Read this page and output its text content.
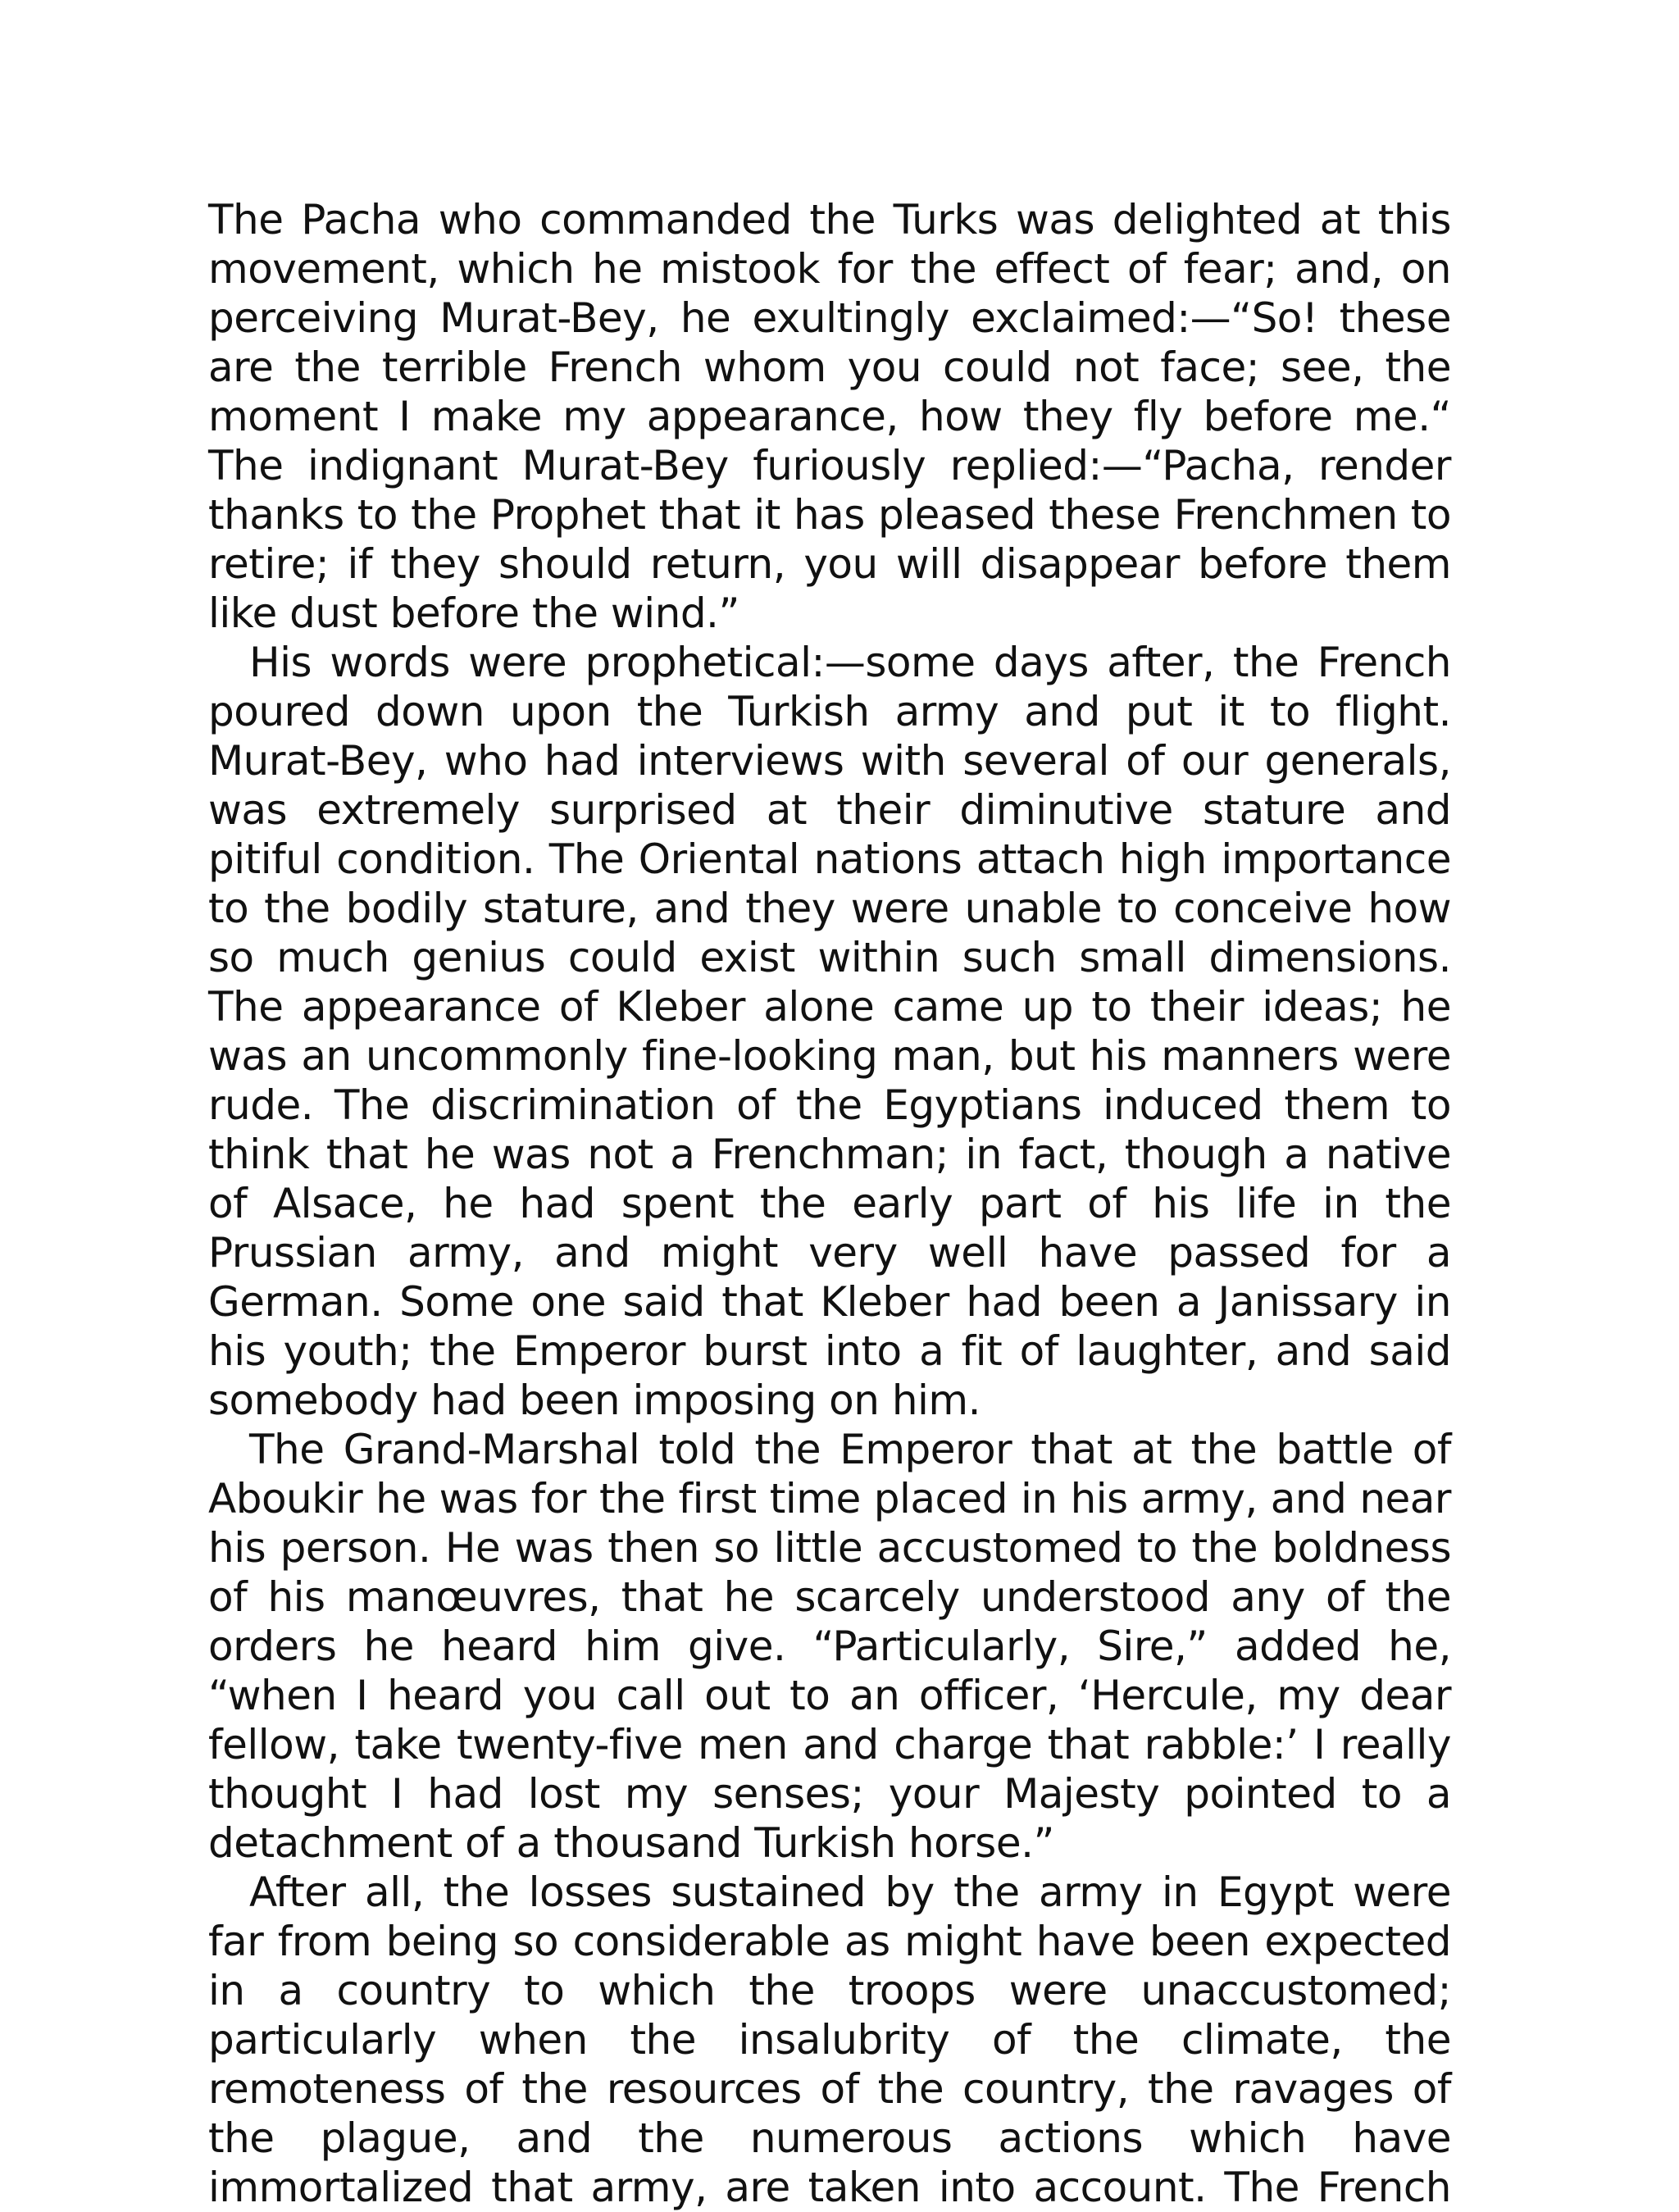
The Pacha who commanded the Turks was delighted at this movement, which he mistook for the effect of fear; and, on perceiving Murat-Bey, he exultingly exclaimed:—“So! these are the terrible French whom you could not face; see, the moment I make my appearance, how they fly before me.“ The indignant Murat-Bey furiously replied:—“Pacha, render thanks to the Prophet that it has pleased these Frenchmen to retire; if they should return, you will disappear before them like dust before the wind.”

His words were prophetical:—some days after, the French poured down upon the Turkish army and put it to flight. Murat-Bey, who had interviews with several of our generals, was extremely surprised at their diminutive stature and pitiful condition. The Oriental nations attach high importance to the bodily stature, and they were unable to conceive how so much genius could exist within such small dimensions. The appearance of Kleber alone came up to their ideas; he was an uncommonly fine-looking man, but his manners were rude. The discrimination of the Egyptians induced them to think that he was not a Frenchman; in fact, though a native of Alsace, he had spent the early part of his life in the Prussian army, and might very well have passed for a German. Some one said that Kleber had been a Janissary in his youth; the Emperor burst into a fit of laughter, and said somebody had been imposing on him.

The Grand-Marshal told the Emperor that at the battle of Aboukir he was for the first time placed in his army, and near his person. He was then so little accustomed to the boldness of his manœuvres, that he scarcely understood any of the orders he heard him give. “Particularly, Sire,” added he, “when I heard you call out to an officer, ‘Hercule, my dear fellow, take twenty-five men and charge that rabble:’ I really thought I had lost my senses; your Majesty pointed to a detachment of a thousand Turkish horse.”

After all, the losses sustained by the army in Egypt were far from being so considerable as might have been expected in a country to which the troops were unaccustomed; particularly when the insalubrity of the climate, the remoteness of the resources of the country, the ravages of the plague, and the numerous actions which have immortalized that army, are taken into account. The French
